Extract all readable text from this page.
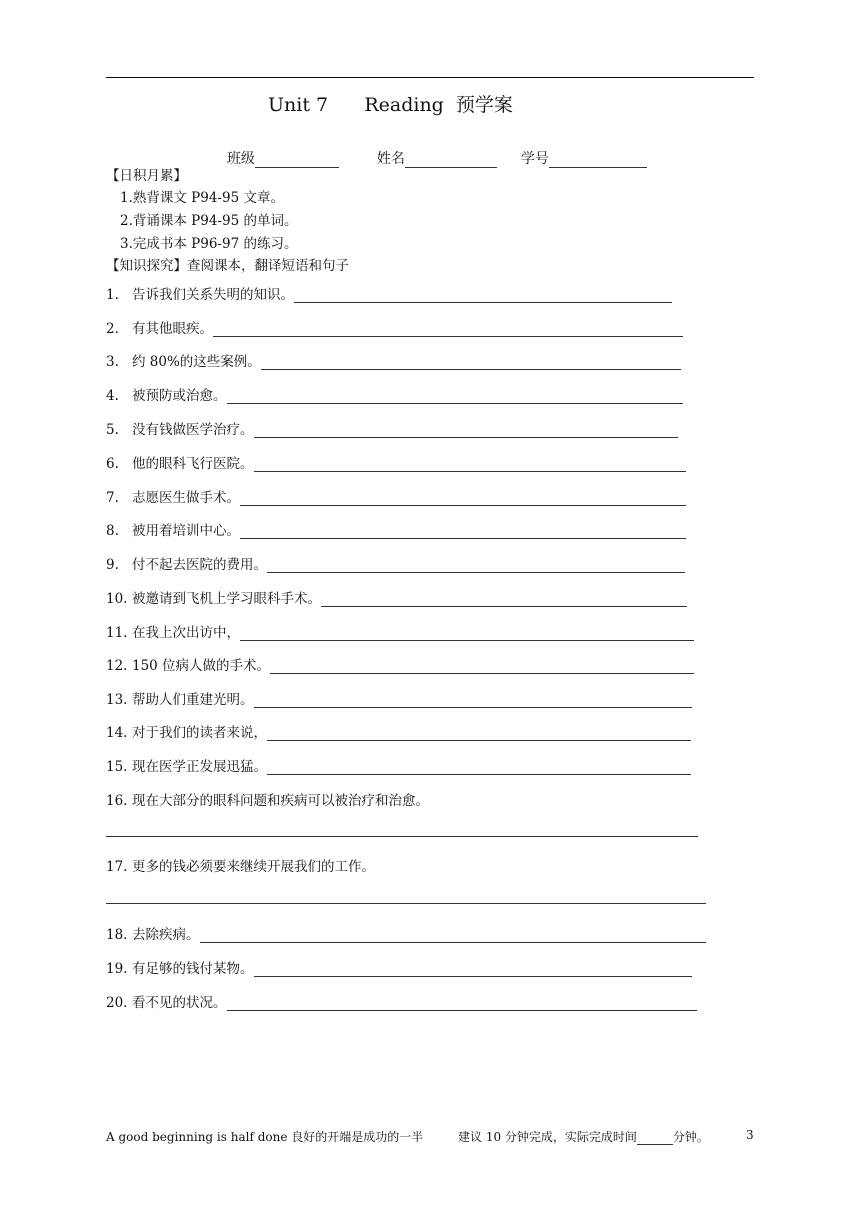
Unit 7      Reading  预学案

班级	姓名	学号

【日积月累】
1.熟背课文 P94-95 文章。
2.背诵课本 P94-95 的单词。
3.完成书本 P96-97 的练习。
【知识探究】查阅课本，翻译短语和句子
1. 告诉我们关系失明的知识。
2. 有其他眼疾。
3. 约 80%的这些案例。
4. 被预防或治愈。
5. 没有钱做医学治疗。
6. 他的眼科飞行医院。
7. 志愿医生做手术。
8. 被用着培训中心。
9. 付不起去医院的费用。
10. 被邀请到飞机上学习眼科手术。
11. 在我上次出访中，
12. 150 位病人做的手术。
13. 帮助人们重建光明。
14. 对于我们的读者来说，
15. 现在医学正发展迅猛。
16. 现在大部分的眼科问题和疾病可以被治疗和治愈。
17. 更多的钱必须要来继续开展我们的工作。
18. 去除疾病。
19. 有足够的钱付某物。
20. 看不见的状况。
A good beginning is half done 良好的开端是成功的一半	建议 10 分钟完成，实际完成时间	分钟。	3
